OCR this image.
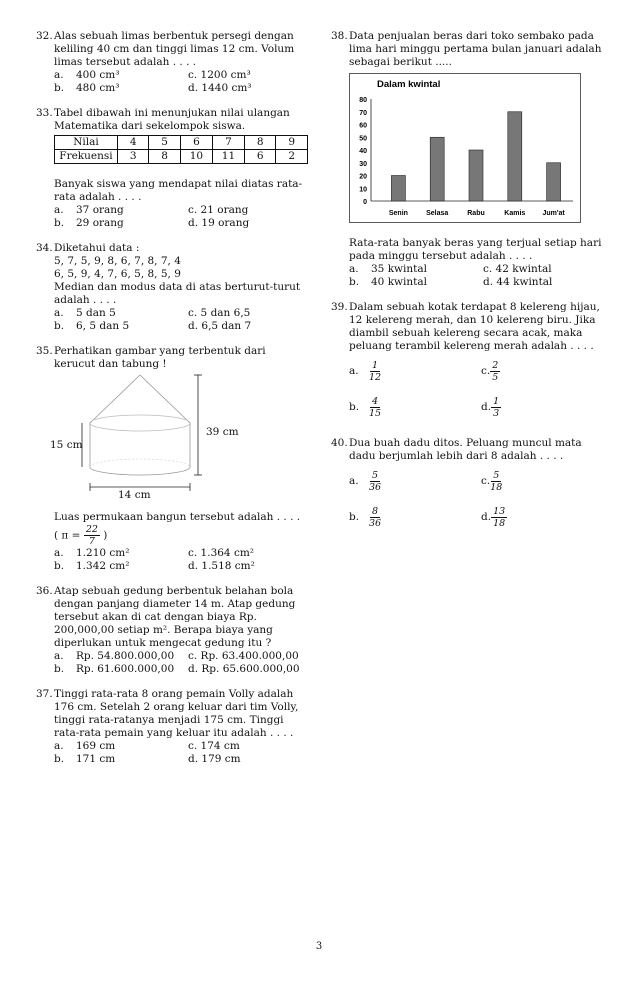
32. Alas sebuah limas berbentuk persegi dengan keliling 40 cm dan tinggi limas 12 cm. Volum limas tersebut adalah . . . .
a. 400 cm³	c. 1200 cm³
b. 480 cm³	d. 1440 cm³
33. Tabel dibawah ini menunjukan nilai ulangan Matematika dari sekelompok siswa.
Nilai	4	5	6	7	8	9
Frekuensi	3	8	10	11	6	2
Banyak siswa yang mendapat nilai diatas rata-rata adalah . . . .
a. 37 orang	c. 21 orang
b. 29 orang	d. 19 orang
34. Diketahui data :
5, 7, 5, 9, 8, 6, 7, 8, 7, 4
6, 5, 9, 4, 7, 6, 5, 8, 5, 9
Median dan modus data di atas berturut-turut adalah . . . .
a. 5 dan 5	c. 5 dan 6,5
b. 6, 5 dan 5	d. 6,5 dan 7
35. Perhatikan gambar yang terbentuk dari kerucut dan tabung !
39 cm
15 cm
14 cm
Luas permukaan bangun tersebut adalah . . . .
( $\pi = \frac{22}{7}$ )
a. 1.210 cm²	c. 1.364 cm²
b. 1.342 cm²	d. 1.518 cm²
36. Atap sebuah gedung berbentuk belahan bola dengan panjang diameter 14 m. Atap gedung tersebut akan di cat dengan biaya Rp. 200,000,00 setiap m². Berapa biaya yang diperlukan untuk mengecat gedung itu ?
a. Rp. 54.800.000,00	c. Rp. 63.400.000,00
b. Rp. 61.600.000,00	d. Rp. 65.600.000,00
37. Tinggi rata-rata 8 orang pemain Volly adalah 176 cm. Setelah 2 orang keluar dari tim Volly, tinggi rata-ratanya menjadi 175 cm. Tinggi rata-rata pemain yang keluar itu adalah . . . .
a. 169 cm	c. 174 cm
b. 171 cm	d. 179 cm
38. Data penjualan beras dari toko sembako pada lima hari minggu pertama bulan januari adalah sebagai berikut .....
Dalam kwintal
0
10
20
30
40
50
60
70
80
Senin	Selasa	Rabu	Kamis Jum'at
Rata-rata banyak beras yang terjual setiap hari pada minggu tersebut adalah . . . .
a. 35 kwintal	c. 42 kwintal
b. 40 kwintal	d. 44 kwintal
39. Dalam sebuah kotak terdapat 8 kelereng hijau, 12 kelereng merah, dan 10 kelereng biru. Jika diambil sebuah kelereng secara acak, maka peluang terambil kelereng merah adalah . . . .
a.	$\frac{1}{12}$	c. $\frac{2}{5}$
b.	$\frac{4}{15}$	d. $\frac{1}{3}$
40. Dua buah dadu ditos. Peluang muncul mata dadu berjumlah lebih dari 8 adalah . . . .
a.	$\frac{5}{36}$	c. $\frac{5}{18}$
b.	$\frac{8}{36}$	d. $\frac{13}{18}$
3
